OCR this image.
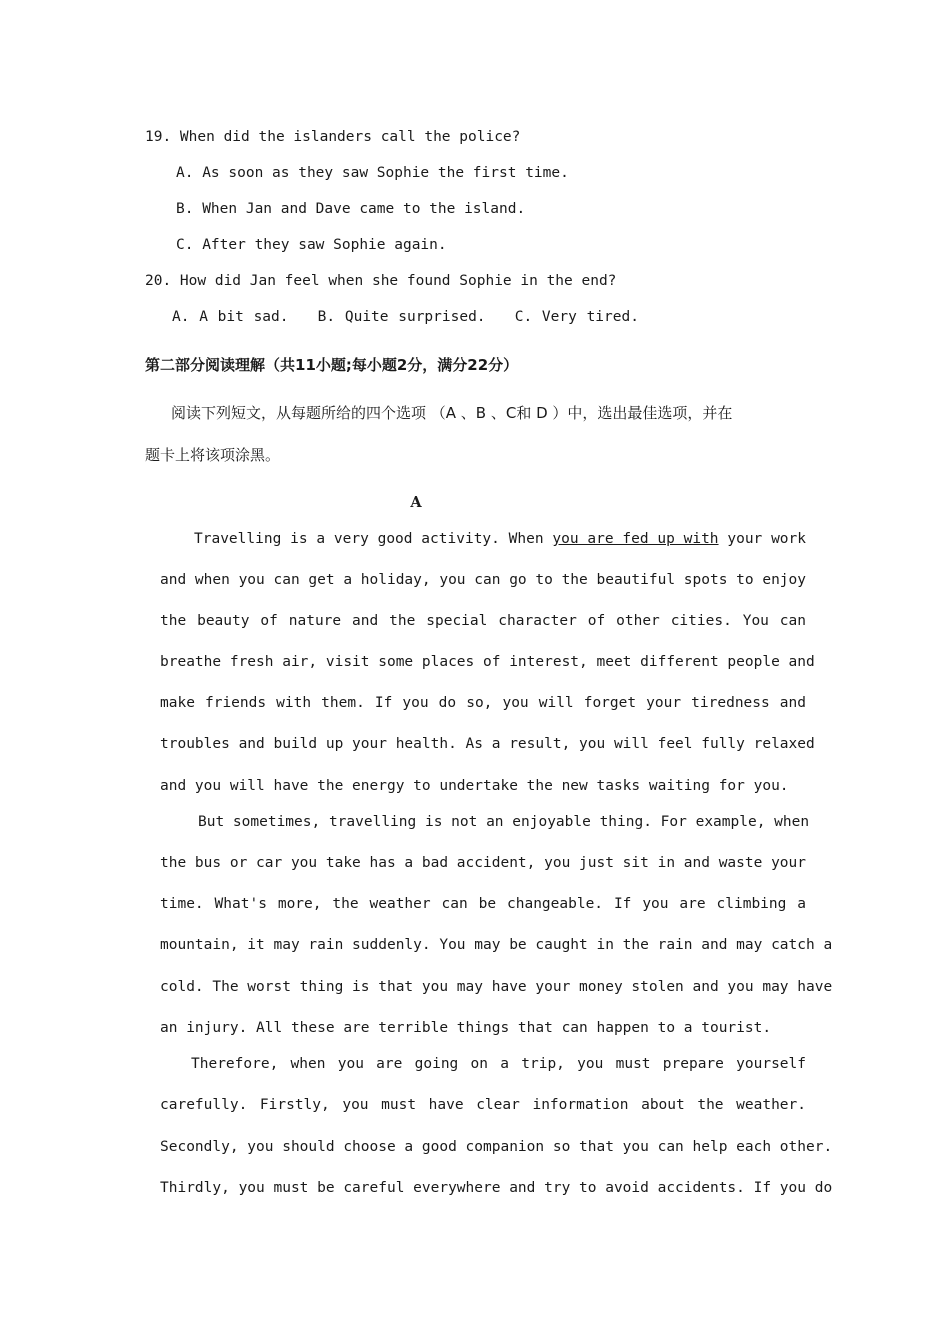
19. When did the islanders call the police?
A. As soon as they saw Sophie the first time.
B. When Jan and Dave came to the island.
C. After they saw Sophie again.
20. How did Jan feel when she found Sophie in the end?
A. A bit sad.   B. Quite surprised.   C. Very tired.
第二部分阅读理解（共11小题;每小题2分，满分22分）
阅读下列短文，从每题所给的四个选项 （A 、B 、C和 D ）中，选出最佳选项，并在
题卡上将该项涂黑。
A
Travelling is a very good activity. When you are fed up with your work
and when you can get a holiday, you can go to the beautiful spots to enjoy
the beauty of nature and the special character of other cities. You can
breathe fresh air, visit some places of interest, meet different people and
make friends with them. If you do so, you will forget your tiredness and
troubles and build up your health. As a result, you will feel fully relaxed
and you will have the energy to undertake the new tasks waiting for you.
But sometimes, travelling is not an enjoyable thing. For example, when
the bus or car you take has a bad accident, you just sit in and waste your
time. What's more, the weather can be changeable. If you are climbing a
mountain, it may rain suddenly. You may be caught in the rain and may catch a
cold. The worst thing is that you may have your money stolen and you may have
an injury. All these are terrible things that can happen to a tourist.
Therefore, when you are going on a trip, you must prepare yourself
carefully. Firstly, you must have clear information about the weather.
Secondly, you should choose a good companion so that you can help each other.
Thirdly, you must be careful everywhere and try to avoid accidents. If you do
